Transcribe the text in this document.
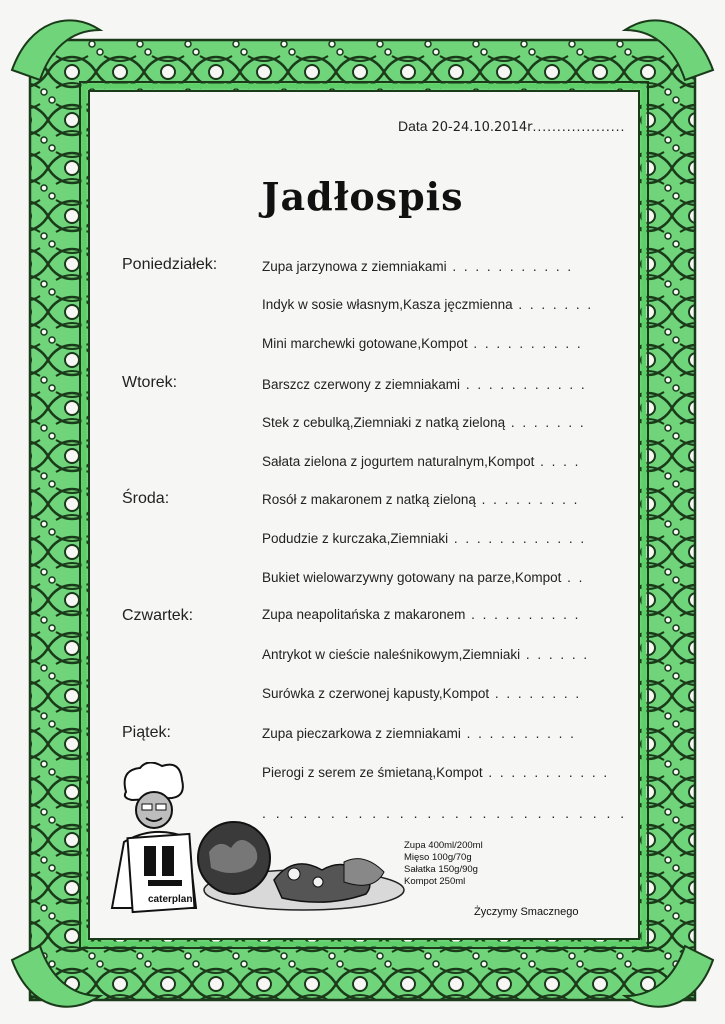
Data 20-24.10.2014r...................
Jadłospis
Poniedziałek:
Wtorek:
Środa:
Czwartek:
Piątek:
Zupa jarzynowa z ziemniakami . . . . . . . . . . .
Indyk w sosie własnym,Kasza jęczmienna . . . . . . .
Mini marchewki gotowane,Kompot . . . . . . . . . .
Barszcz czerwony z ziemniakami . . . . . . . . . . .
Stek z cebulką,Ziemniaki z natką zieloną . . . . . . .
Sałata zielona z jogurtem naturalnym,Kompot . . . .
Rosół z makaronem z natką zieloną . . . . . . . . .
Podudzie z kurczaka,Ziemniaki . . . . . . . . . . . .
Bukiet wielowarzywny gotowany na parze,Kompot . .
Zupa neapolitańska z makaronem . . . . . . . . . .
Antrykot w cieście naleśnikowym,Ziemniaki . . . . . .
Surówka z czerwonej kapusty,Kompot . . . . . . . .
Zupa pieczarkowa z ziemniakami . . . . . . . . . .
Pierogi z serem ze śmietaną,Kompot . . . . . . . . . . .
. . . . . . . . . . . . . . . . . . . . . . . . . . .
caterplan
Zupa 400ml/200ml
Mięso 100g/70g
Sałatka 150g/90g
Kompot 250ml
Życzymy Smacznego
